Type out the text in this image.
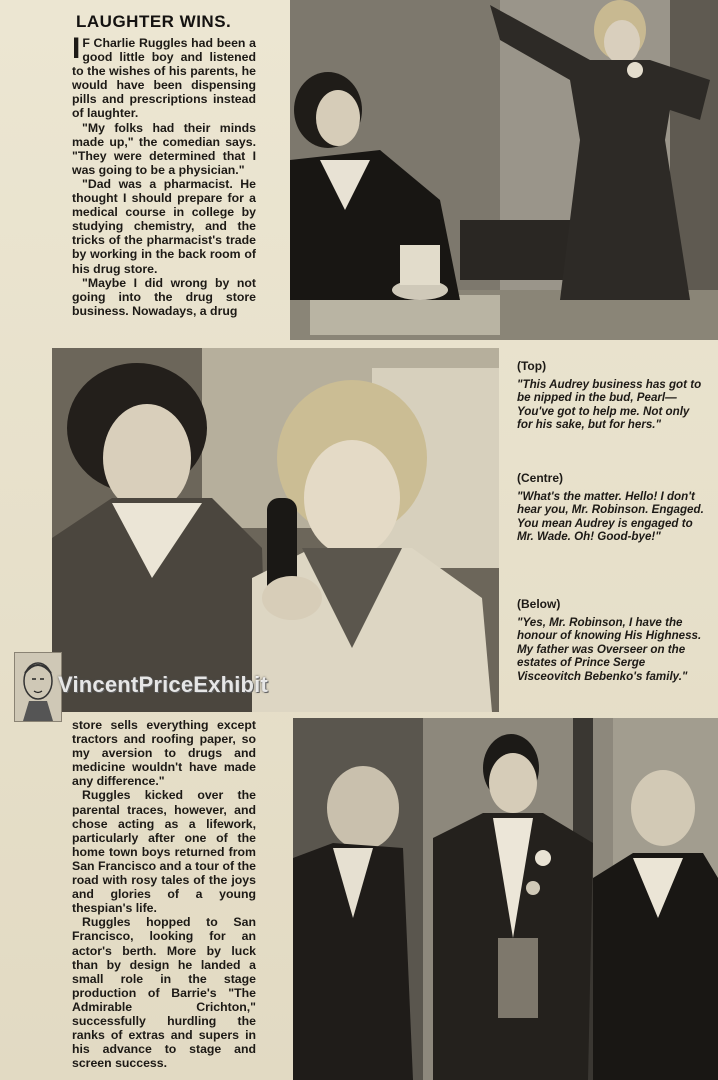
LAUGHTER WINS.

I F Charlie Ruggles had been a good little boy and listened to the wishes of his parents, he would have been dispensing pills and prescriptions instead of laughter.

"My folks had their minds made up," the comedian says. "They were determined that I was going to be a physician."

"Dad was a pharmacist. He thought I should prepare for a medical course in college by studying chemistry, and the tricks of the pharmacist's trade by working in the back room of his drug store.

"Maybe I did wrong by not going into the drug store business. Nowadays, a drug

(Top)
"This Audrey business has got to be nipped in the bud, Pearl—You've got to help me. Not only for his sake, but for hers."
(Centre)
"What's the matter. Hello! I don't hear you, Mr. Robinson. Engaged. You mean Audrey is engaged to Mr. Wade. Oh! Good-bye!"
(Below)
"Yes, Mr. Robinson, I have the honour of knowing His Highness. My father was Overseer on the estates of Prince Serge Visceovitch Bebenko's family."

store sells everything except tractors and roofing paper, so my aversion to drugs and medicine wouldn't have made any difference."

Ruggles kicked over the parental traces, however, and chose acting as a lifework, particularly after one of the home town boys returned from San Francisco and a tour of the road with rosy tales of the joys and glories of a young thespian's life.

Ruggles hopped to San Francisco, looking for an actor's berth. More by luck than by design he landed a small role in the stage production of Barrie's "The Admirable Crichton," successfully hurdling the ranks of extras and supers in his advance to stage and screen success.

VincentPriceExhibit
